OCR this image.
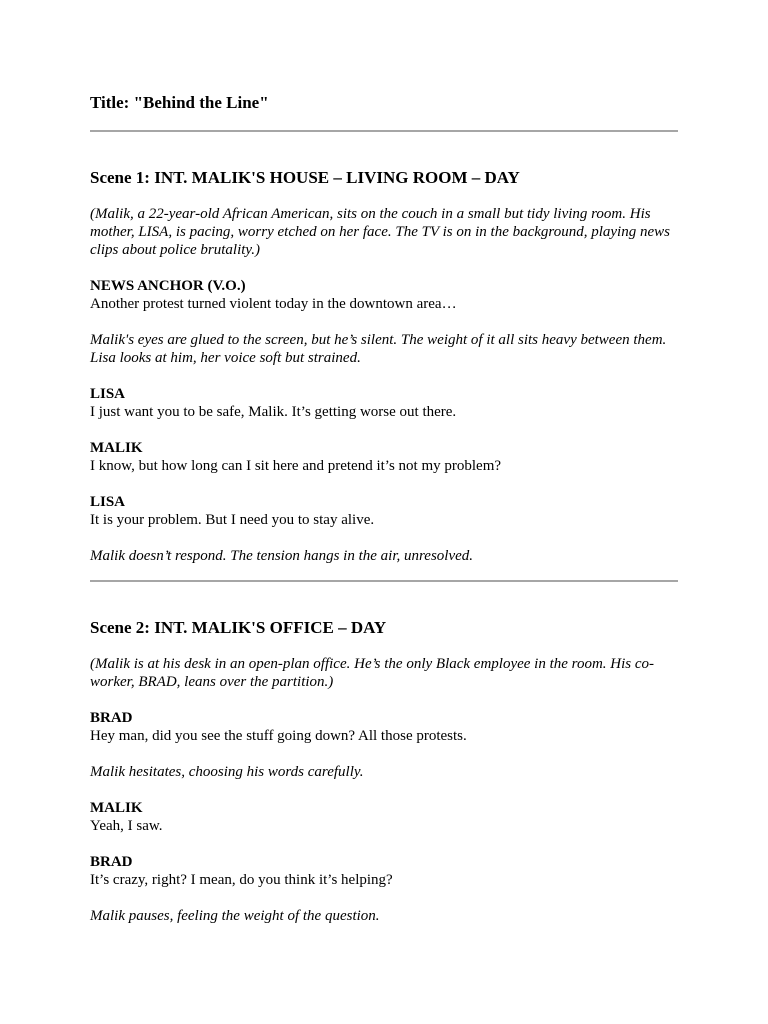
Title: "Behind the Line"
Scene 1: INT. MALIK'S HOUSE – LIVING ROOM – DAY

(Malik, a 22-year-old African American, sits on the couch in a small but tidy living room. His mother, LISA, is pacing, worry etched on her face. The TV is on in the background, playing news clips about police brutality.)

NEWS ANCHOR (V.O.)
Another protest turned violent today in the downtown area…

Malik's eyes are glued to the screen, but he’s silent. The weight of it all sits heavy between them. Lisa looks at him, her voice soft but strained.

LISA
I just want you to be safe, Malik. It’s getting worse out there.

MALIK
I know, but how long can I sit here and pretend it’s not my problem?

LISA
It is your problem. But I need you to stay alive.

Malik doesn’t respond. The tension hangs in the air, unresolved.

Scene 2: INT. MALIK'S OFFICE – DAY

(Malik is at his desk in an open-plan office. He’s the only Black employee in the room. His co-worker, BRAD, leans over the partition.)

BRAD
Hey man, did you see the stuff going down? All those protests.

Malik hesitates, choosing his words carefully.

MALIK
Yeah, I saw.

BRAD
It’s crazy, right? I mean, do you think it’s helping?

Malik pauses, feeling the weight of the question.
